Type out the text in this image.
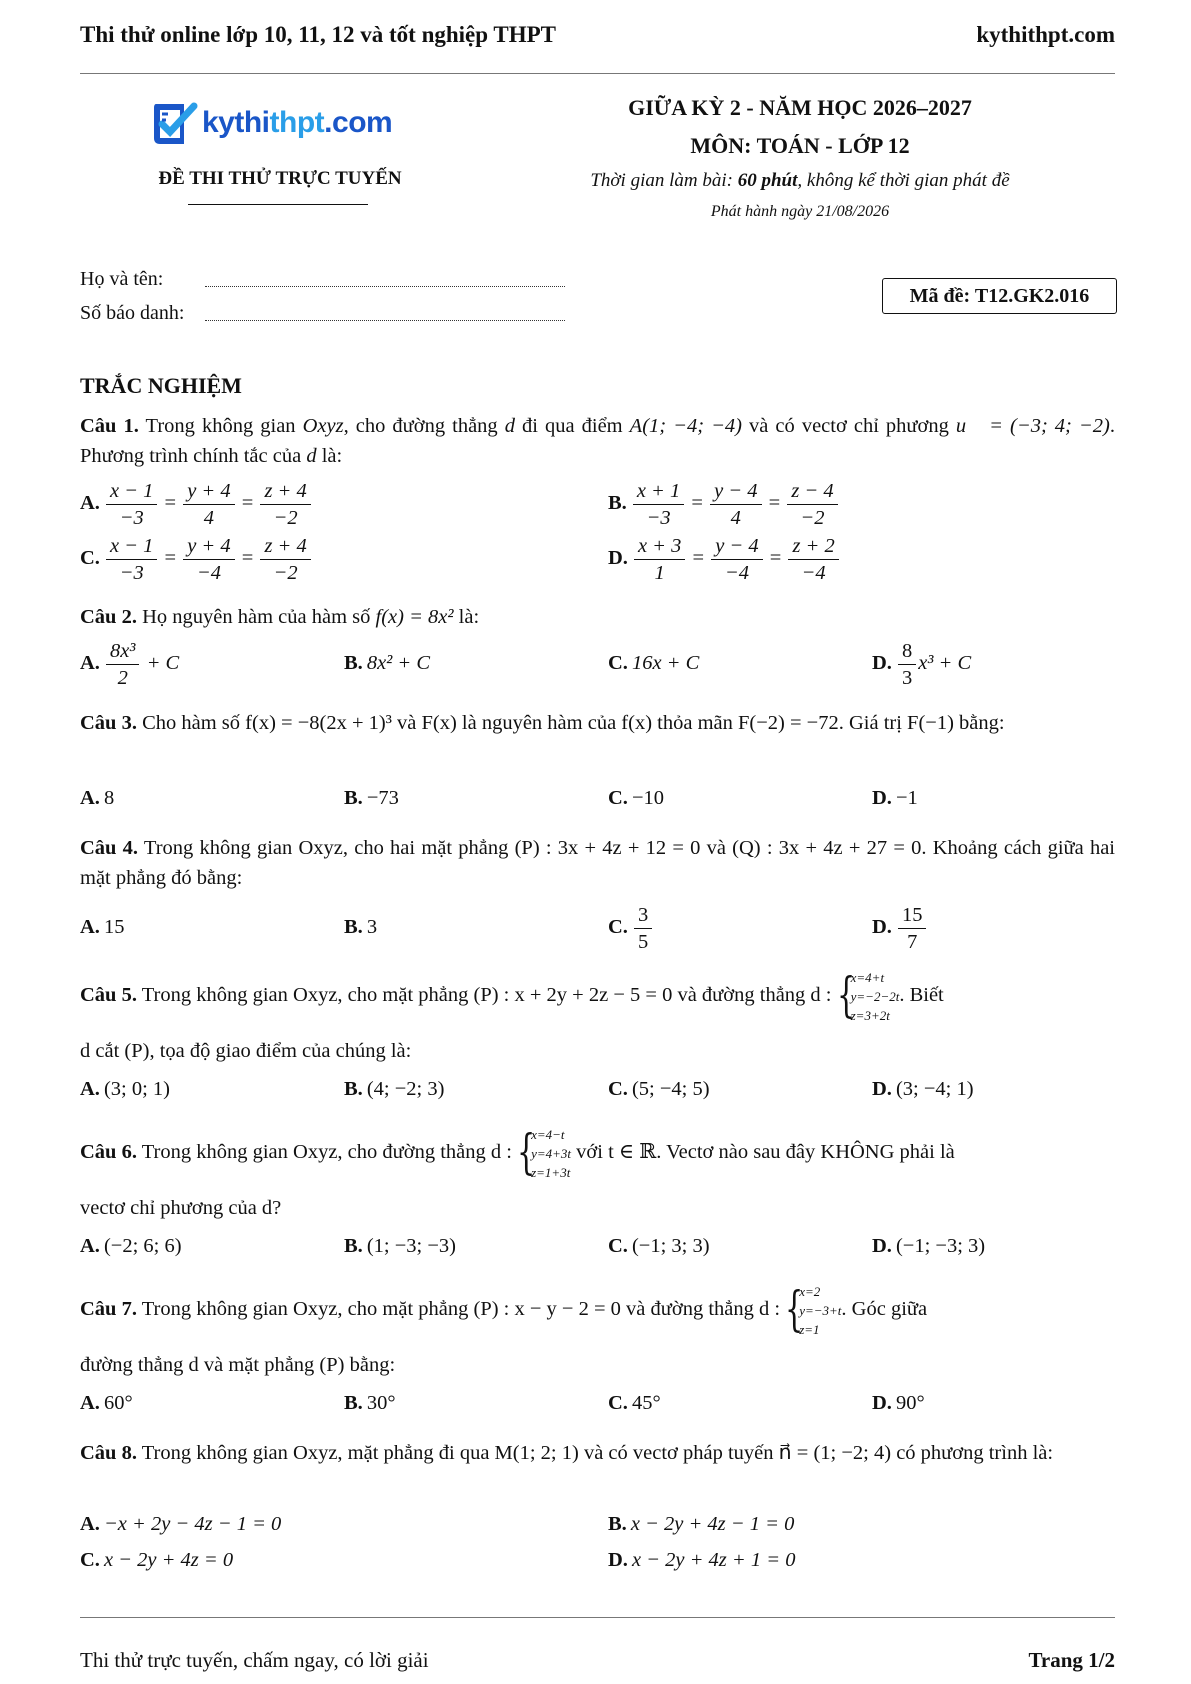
Thi thử online lớp 10, 11, 12 và tốt nghiệp THPT	kythithpt.com
kythithpt.com
ĐỀ THI THỬ TRỰC TUYẾN
GIỮA KỲ 2 - NĂM HỌC 2026–2027
MÔN: TOÁN - LỚP 12
Thời gian làm bài: 60 phút, không kể thời gian phát đề
Phát hành ngày 21/08/2026
Họ và tên:
Số báo danh:
Mã đề: T12.GK2.016
TRẮC NGHIỆM
Câu 1. Trong không gian Oxyz, cho đường thẳng d đi qua điểm A(1; −4; −4) và có vectơ chỉ phương u⃗ = (−3; 4; −2). Phương trình chính tắc của d là:
A. $\frac{x - 1}{-3} = \frac{y + 4}{4} = \frac{z + 4}{-2}$	B. $\frac{x + 1}{-3} = \frac{y - 4}{4} = \frac{z - 4}{-2}$
C. $\frac{x - 1}{-3} = \frac{y + 4}{-4} = \frac{z + 4}{-2}$	D. $\frac{x + 3}{1} = \frac{y - 4}{-4} = \frac{z + 2}{-4}$
Câu 2. Họ nguyên hàm của hàm số f(x) = 8x² là:
A. $\frac{\text{8x³}}{2} + C$	B. 8x² + C	C. 16x + C	D. $\frac{8}{3} x^3 + C$
Câu 3. Cho hàm số f(x) = −8(2x + 1)³ và F(x) là nguyên hàm của f(x) thỏa mãn F(−2) = −72. Giá trị F(−1) bằng:
A. 8	B. −73	C. −10	D. −1
Câu 4. Trong không gian Oxyz, cho hai mặt phẳng (P) : 3x + 4z + 12 = 0 và (Q) : 3x + 4z + 27 = 0. Khoảng cách giữa hai mặt phẳng đó bằng:
A. 15	B. 3	C. $\frac{3}{5}$	D. $\frac{15}{7}$
Câu 5. Trong không gian Oxyz, cho mặt phẳng (P) : x + 2y + 2z − 5 = 0 và đường thẳng d : {
x=4+t
y=−2−2t
z=3+2t
. Biết
d cắt (P), tọa độ giao điểm của chúng là:
A. (3; 0; 1)	B. (4; −2; 3)	C. (5; −4; 5)	D. (3; −4; 1)
Câu 6. Trong không gian Oxyz, cho đường thẳng d : {
x=4−t
y=4+3t
z=1+3t
với t ∈ ℝ. Vectơ nào sau đây KHÔNG phải là
vectơ chỉ phương của d?
A. (−2; 6; 6)	B. (1; −3; −3)	C. (−1; 3; 3)	D. (−1; −3; 3)
Câu 7. Trong không gian Oxyz, cho mặt phẳng (P) : x − y − 2 = 0 và đường thẳng d : {
x=2
y=−3+t
z=1
. Góc giữa
đường thẳng d và mặt phẳng (P) bằng:
A. 60°	B. 30°	C. 45°	D. 90°
Câu 8. Trong không gian Oxyz, mặt phẳng đi qua M(1; 2; 1) và có vectơ pháp tuyến n⃗ = (1; −2; 4) có phương trình là:
A. −x + 2y − 4z − 1 = 0	B. x − 2y + 4z − 1 = 0
C. x − 2y + 4z = 0	D. x − 2y + 4z + 1 = 0
Thi thử trực tuyến, chấm ngay, có lời giải	Trang 1/2
